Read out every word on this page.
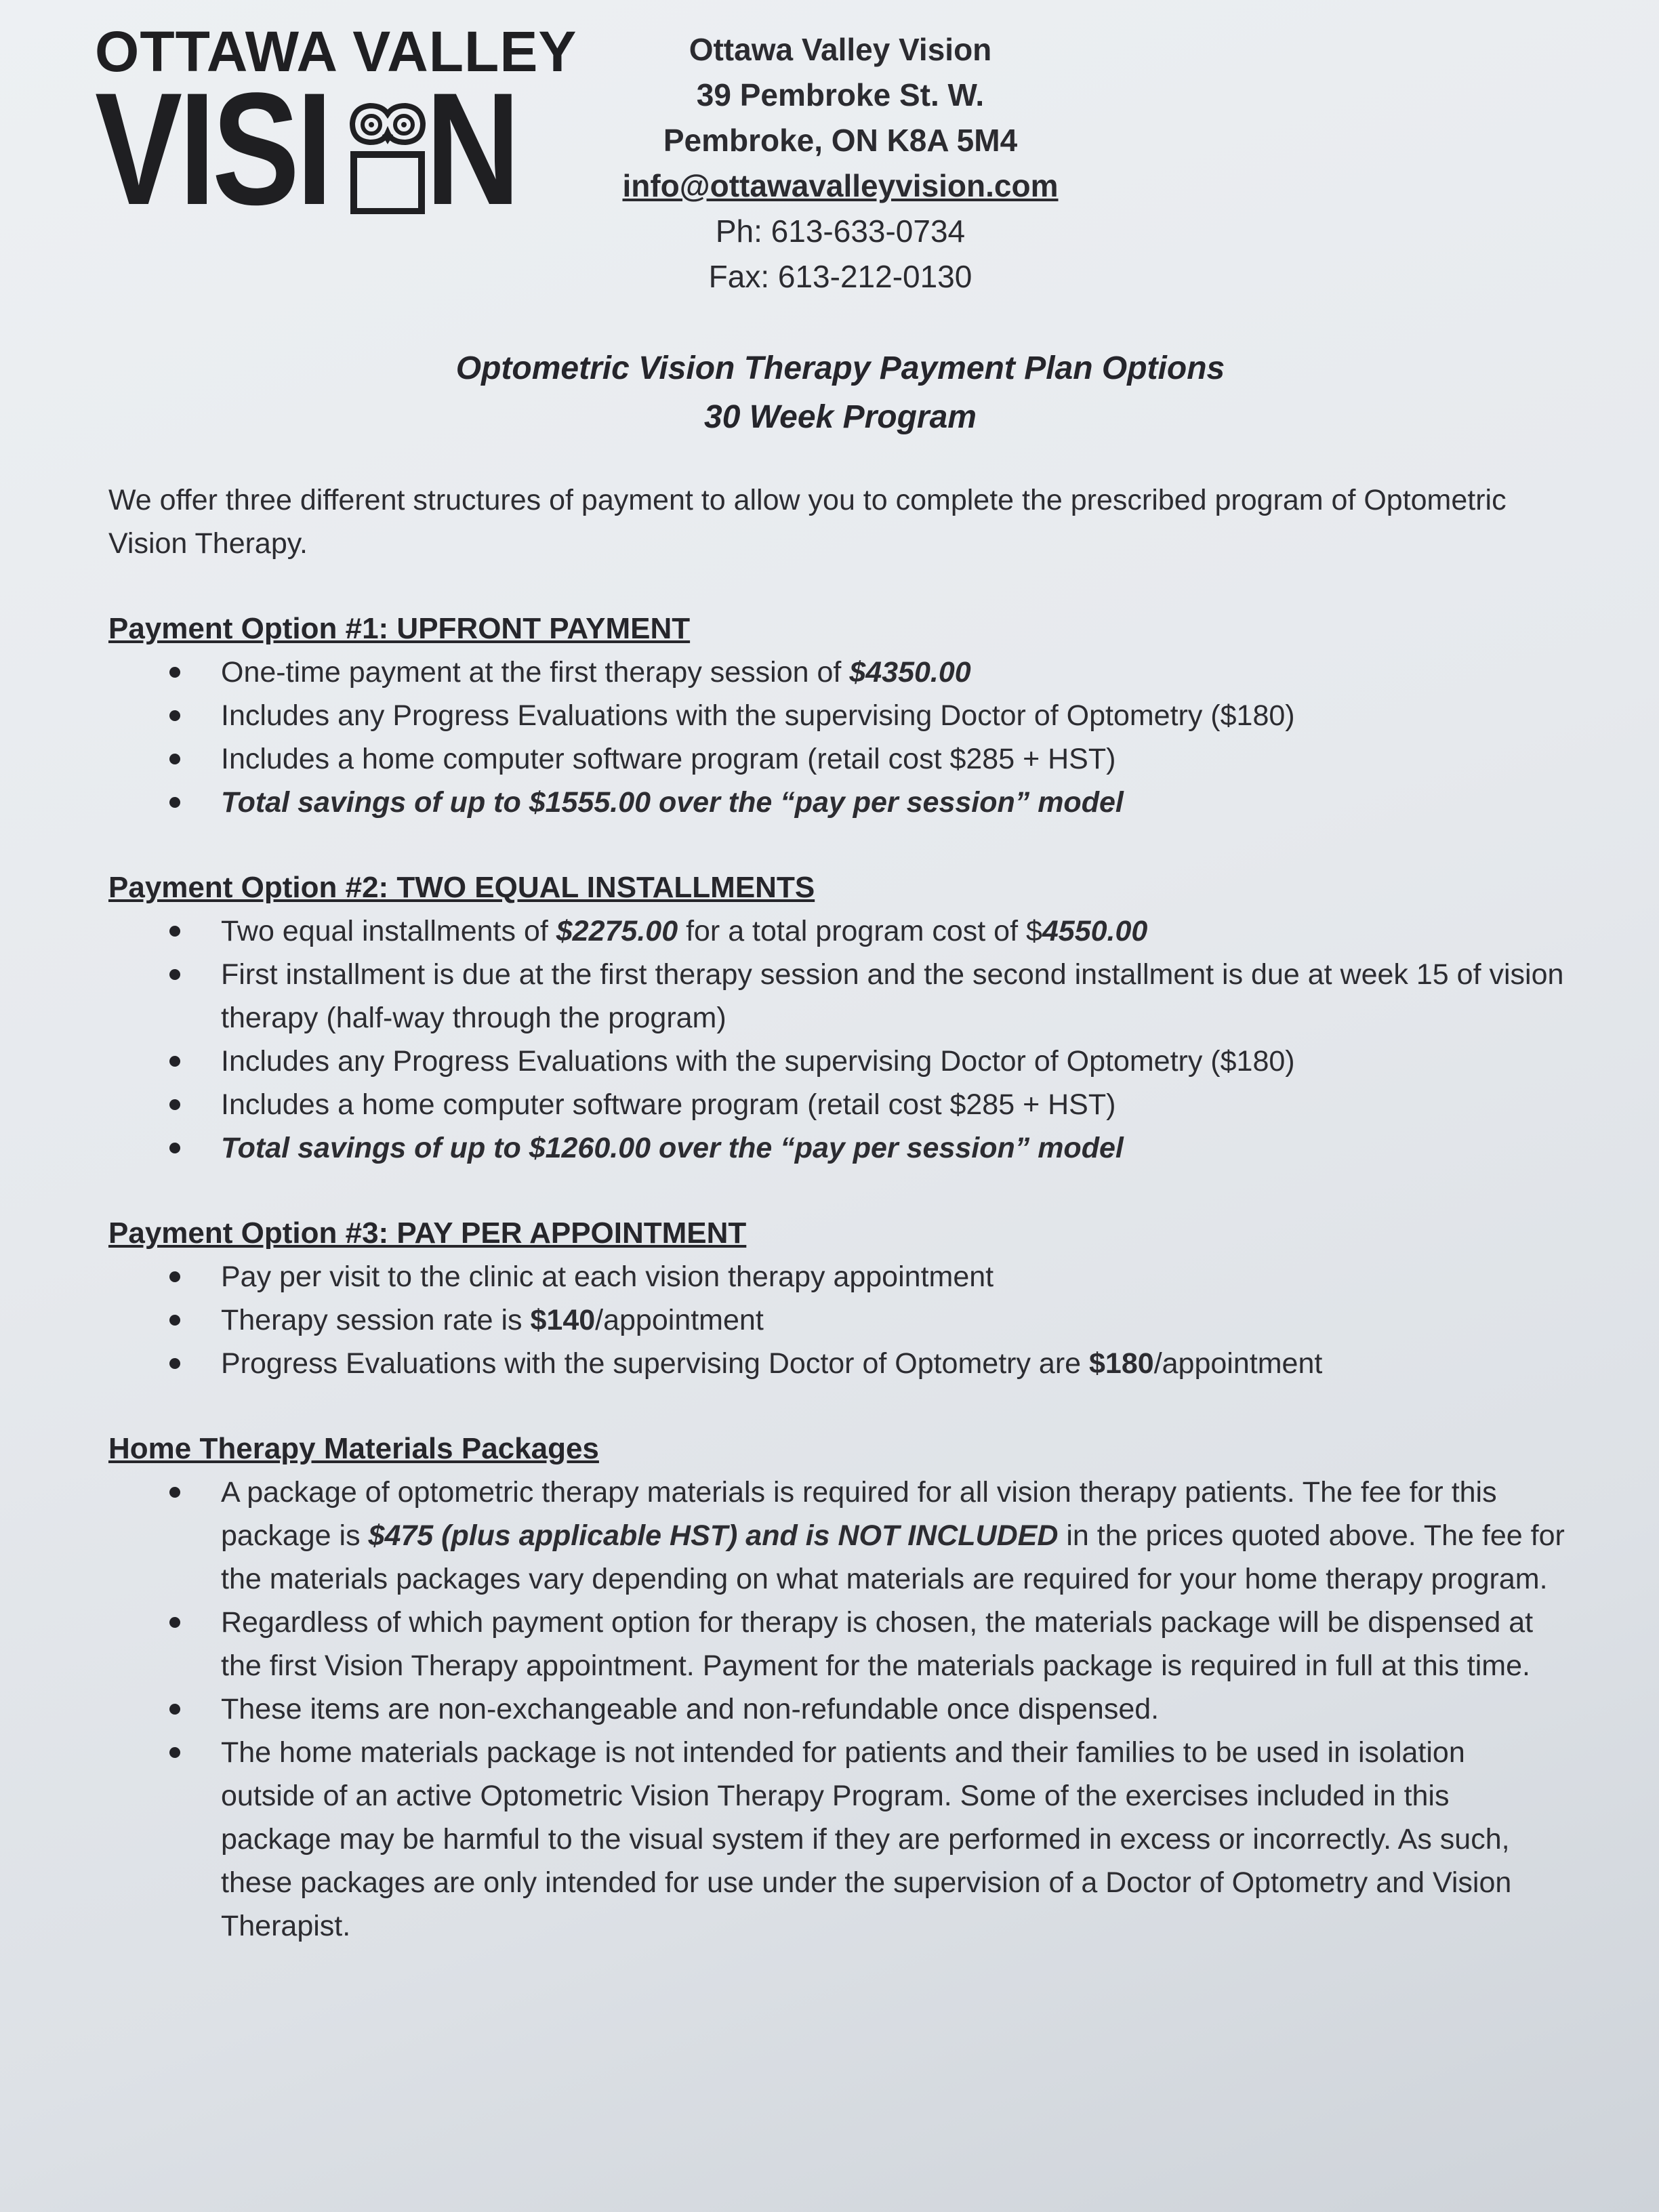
OTTAWA VALLEY
VISI N
Ottawa Valley Vision
39 Pembroke St. W.
Pembroke, ON K8A 5M4
info@ottawavalleyvision.com
Ph: 613-633-0734
Fax: 613-212-0130
Optometric Vision Therapy Payment Plan Options
30 Week Program

We offer three different structures of payment to allow you to complete the prescribed program of Optometric Vision Therapy.

Payment Option #1: UPFRONT PAYMENT

One-time payment at the first therapy session of $4350.00
Includes any Progress Evaluations with the supervising Doctor of Optometry ($180)
Includes a home computer software program (retail cost $285 + HST)
Total savings of up to $1555.00 over the “pay per session” model

Payment Option #2: TWO EQUAL INSTALLMENTS

Two equal installments of $2275.00 for a total program cost of $4550.00
First installment is due at the first therapy session and the second installment is due at week 15 of vision therapy (half-way through the program)
Includes any Progress Evaluations with the supervising Doctor of Optometry ($180)
Includes a home computer software program (retail cost $285 + HST)
Total savings of up to $1260.00 over the “pay per session” model

Payment Option #3: PAY PER APPOINTMENT

Pay per visit to the clinic at each vision therapy appointment
Therapy session rate is $140/appointment
Progress Evaluations with the supervising Doctor of Optometry are $180/appointment

Home Therapy Materials Packages

A package of optometric therapy materials is required for all vision therapy patients. The fee for this package is $475 (plus applicable HST) and is NOT INCLUDED in the prices quoted above. The fee for the materials packages vary depending on what materials are required for your home therapy program.
Regardless of which payment option for therapy is chosen, the materials package will be dispensed at the first Vision Therapy appointment. Payment for the materials package is required in full at this time.
These items are non-exchangeable and non-refundable once dispensed.
The home materials package is not intended for patients and their families to be used in isolation outside of an active Optometric Vision Therapy Program. Some of the exercises included in this package may be harmful to the visual system if they are performed in excess or incorrectly. As such, these packages are only intended for use under the supervision of a Doctor of Optometry and Vision Therapist.
